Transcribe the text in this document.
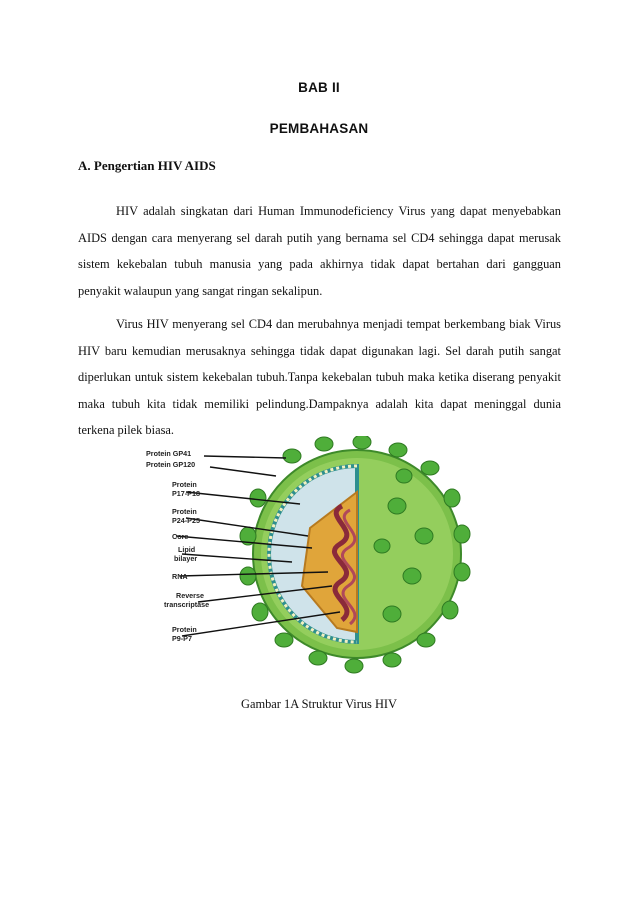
BAB II
PEMBAHASAN
A. Pengertian HIV AIDS
HIV adalah singkatan dari Human Immunodeficiency Virus yang dapat menyebabkan AIDS dengan cara menyerang sel darah putih yang bernama sel CD4 sehingga dapat merusak sistem kekebalan tubuh manusia yang pada akhirnya tidak dapat bertahan dari gangguan penyakit walaupun yang sangat ringan sekalipun.
Virus HIV menyerang sel CD4 dan merubahnya menjadi tempat berkembang biak Virus HIV baru kemudian merusaknya sehingga tidak dapat digunakan lagi. Sel darah putih sangat diperlukan untuk sistem kekebalan tubuh.Tanpa kekebalan tubuh maka ketika diserang penyakit maka tubuh kita tidak memiliki pelindung.Dampaknya adalah kita dapat meninggal dunia terkena pilek biasa.
Protein GP41
Protein GP120
Protein
P17-P18
Protein
P24-P25
Core
Lipid
bilayer
RNA
Reverse
transcriptase
Protein
P9-P7
Gambar 1A Struktur Virus HIV
